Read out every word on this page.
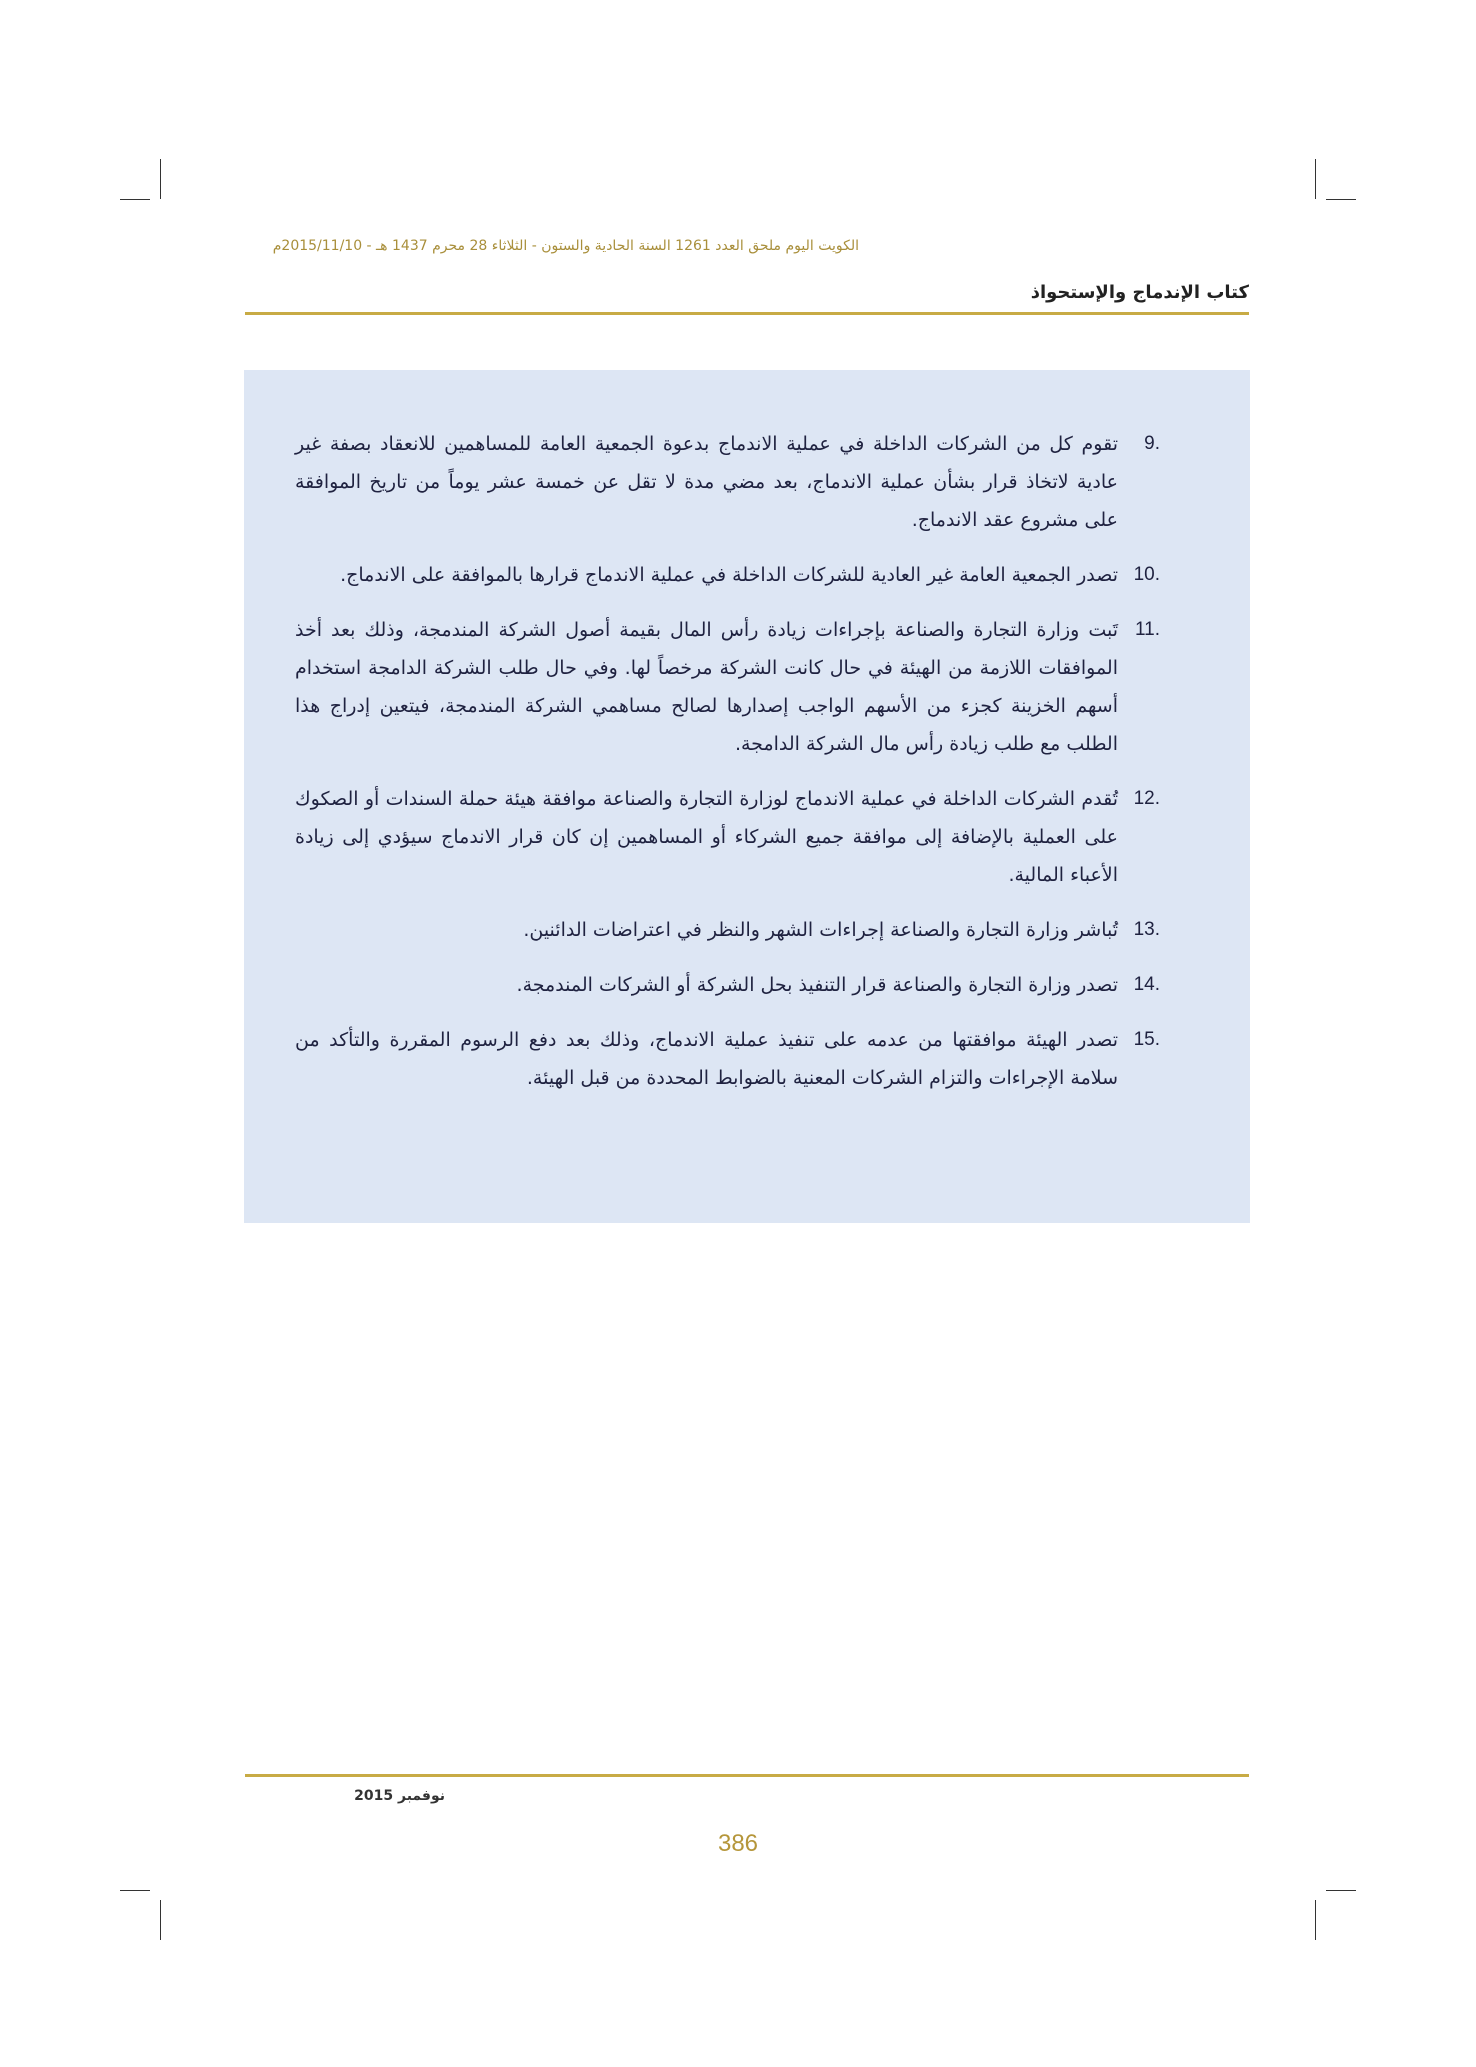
الكويت اليوم ملحق العدد 1261 السنة الحادية والستون - الثلاثاء 28 محرم 1437 هـ - 2015/11/10م
كتاب الإندماج والإستحواذ
9.

تقوم كل من الشركات الداخلة في عملية الاندماج بدعوة الجمعية العامة للمساهمين للانعقاد بصفة غير عادية لاتخاذ قرار بشأن عملية الاندماج، بعد مضي مدة لا تقل عن خمسة عشر يوماً من تاريخ الموافقة على مشروع عقد الاندماج.

10.

تصدر الجمعية العامة غير العادية للشركات الداخلة في عملية الاندماج قرارها بالموافقة على الاندماج.

11.

تَبت وزارة التجارة والصناعة بإجراءات زيادة رأس المال بقيمة أصول الشركة المندمجة، وذلك بعد أخذ الموافقات اللازمة من الهيئة في حال كانت الشركة مرخصاً لها. وفي حال طلب الشركة الدامجة استخدام أسهم الخزينة كجزء من الأسهم الواجب إصدارها لصالح مساهمي الشركة المندمجة، فيتعين إدراج هذا الطلب مع طلب زيادة رأس مال الشركة الدامجة.

12.

تُقدم الشركات الداخلة في عملية الاندماج لوزارة التجارة والصناعة موافقة هيئة حملة السندات أو الصكوك على العملية بالإضافة إلى موافقة جميع الشركاء أو المساهمين إن كان قرار الاندماج سيؤدي إلى زيادة الأعباء المالية.

13.

تُباشر وزارة التجارة والصناعة إجراءات الشهر والنظر في اعتراضات الدائنين.

14.

تصدر وزارة التجارة والصناعة قرار التنفيذ بحل الشركة أو الشركات المندمجة.

15.

تصدر الهيئة موافقتها من عدمه على تنفيذ عملية الاندماج، وذلك بعد دفع الرسوم المقررة والتأكد من سلامة الإجراءات والتزام الشركات المعنية بالضوابط المحددة من قبل الهيئة.

نوفمبر 2015
386
